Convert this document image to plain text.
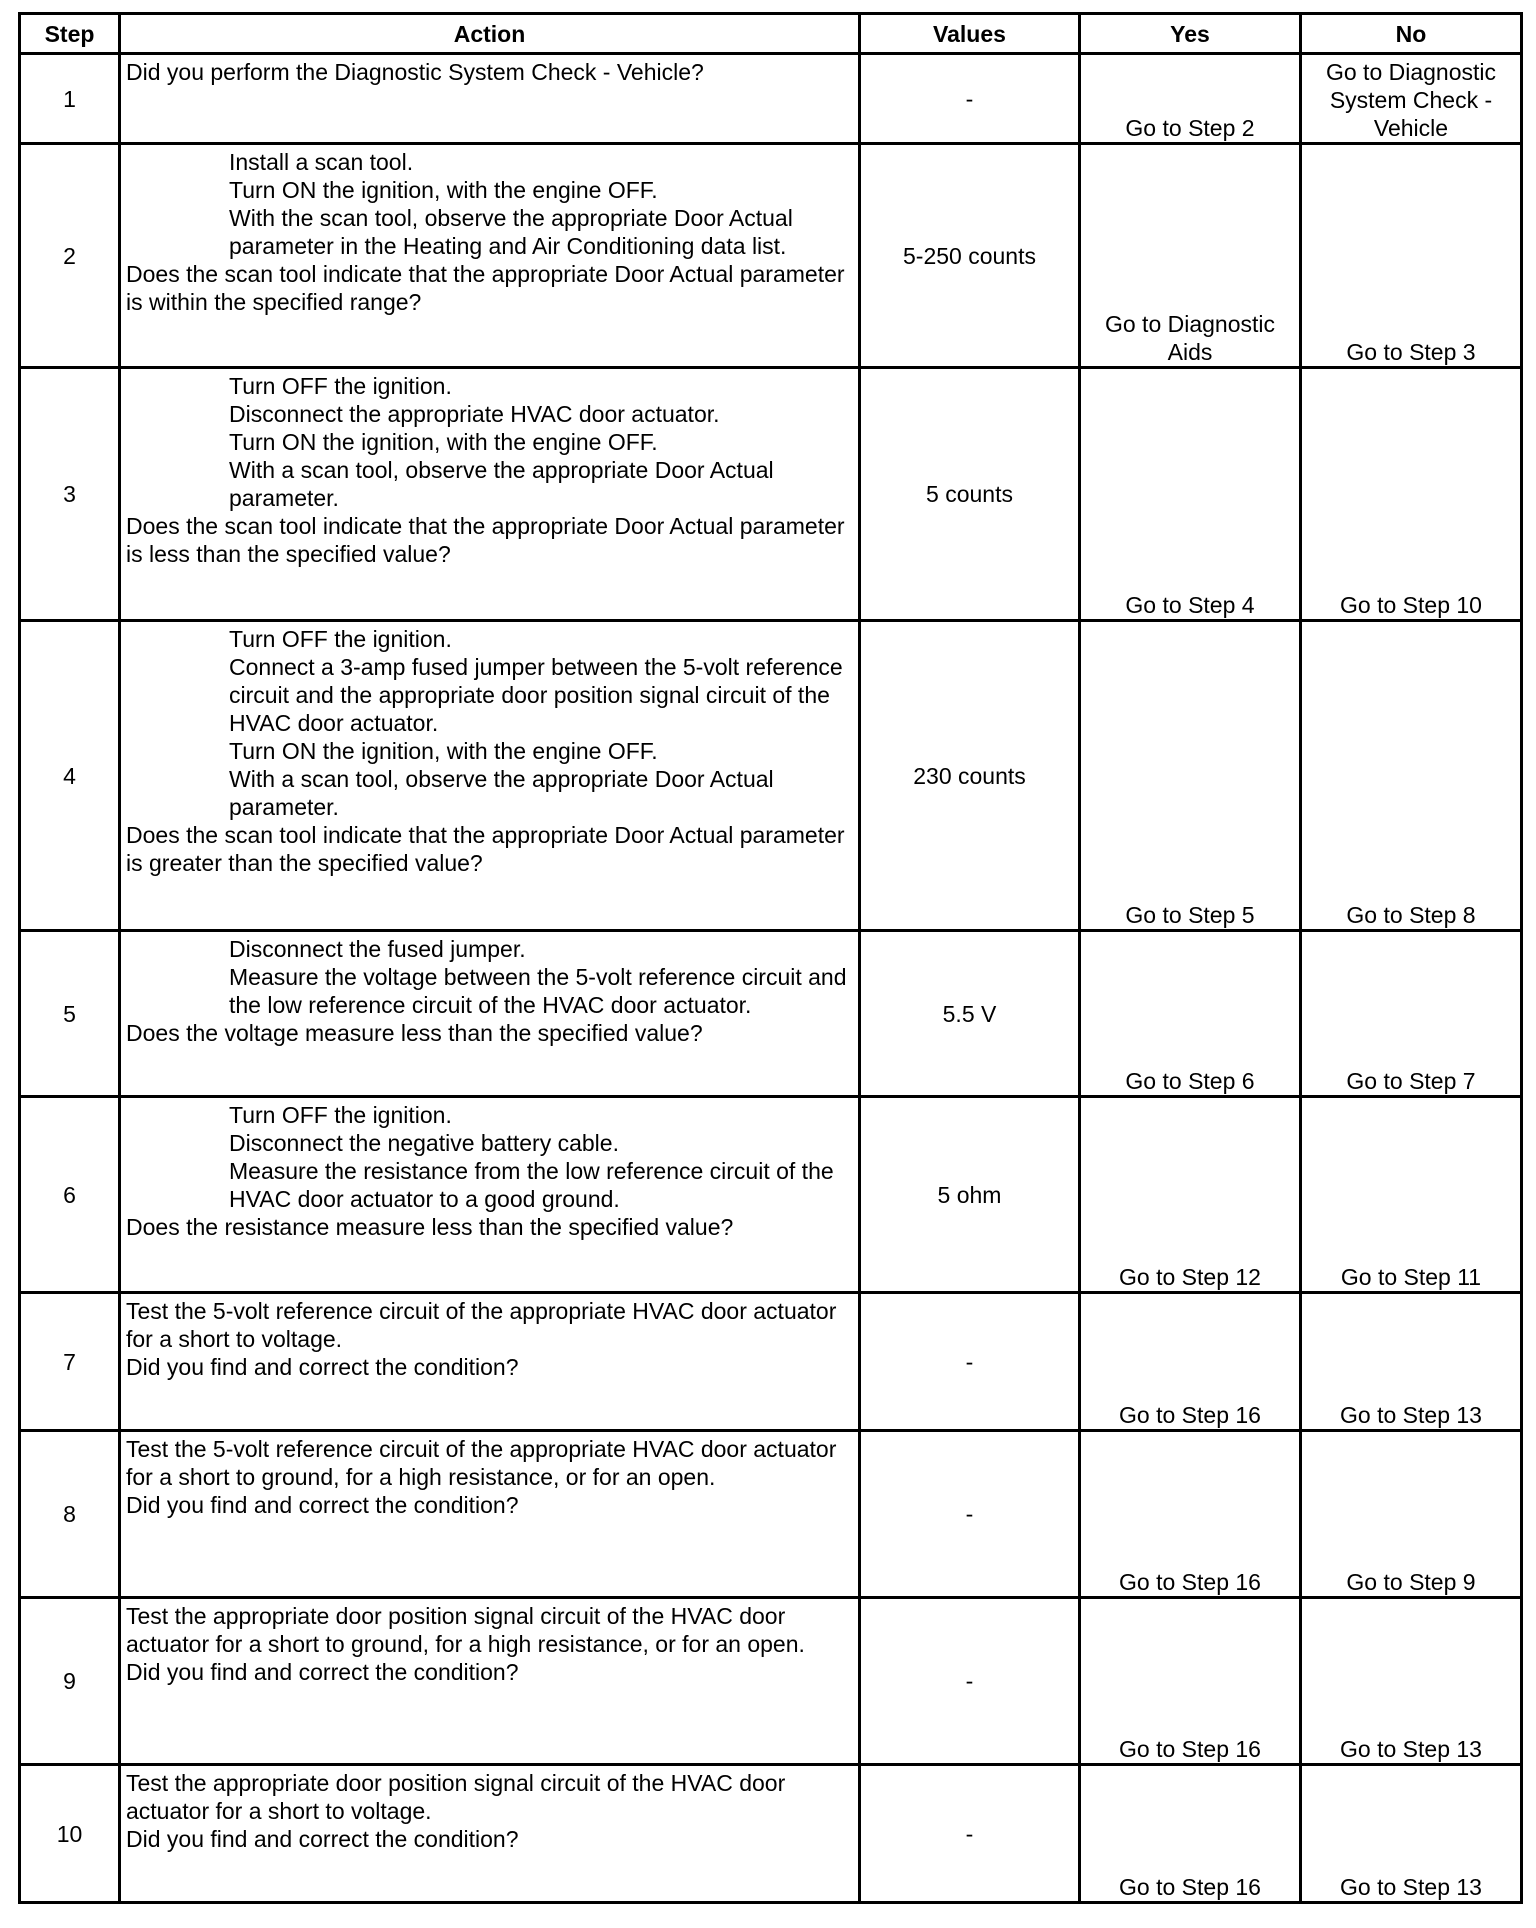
Step	Action	Values	Yes	No
1	Did you perform the Diagnostic System Check - Vehicle?	-	Go to Step 2	Go to Diagnostic
System Check -
Vehicle
2	Install a scan tool.
Turn ON the ignition, with the engine OFF.
With the scan tool, observe the appropriate Door Actual parameter in the Heating and Air Conditioning data list.
Does the scan tool indicate that the appropriate Door Actual parameter is within the specified range?	5-250 counts	Go to Diagnostic
Aids	Go to Step 3
3	Turn OFF the ignition.
Disconnect the appropriate HVAC door actuator.
Turn ON the ignition, with the engine OFF.
With a scan tool, observe the appropriate Door Actual parameter.
Does the scan tool indicate that the appropriate Door Actual parameter is less than the specified value?	5 counts	Go to Step 4	Go to Step 10
4	Turn OFF the ignition.
Connect a 3-amp fused jumper between the 5-volt reference circuit and the appropriate door position signal circuit of the HVAC door actuator.
Turn ON the ignition, with the engine OFF.
With a scan tool, observe the appropriate Door Actual parameter.
Does the scan tool indicate that the appropriate Door Actual parameter is greater than the specified value?	230 counts	Go to Step 5	Go to Step 8
5	Disconnect the fused jumper.
Measure the voltage between the 5-volt reference circuit and the low reference circuit of the HVAC door actuator.
Does the voltage measure less than the specified value?	5.5 V	Go to Step 6	Go to Step 7
6	Turn OFF the ignition.
Disconnect the negative battery cable.
Measure the resistance from the low reference circuit of the HVAC door actuator to a good ground.
Does the resistance measure less than the specified value?	5 ohm	Go to Step 12	Go to Step 11
7	Test the 5-volt reference circuit of the appropriate HVAC door actuator for a short to voltage.
Did you find and correct the condition?	-	Go to Step 16	Go to Step 13
8	Test the 5-volt reference circuit of the appropriate HVAC door actuator for a short to ground, for a high resistance, or for an open.
Did you find and correct the condition?	-	Go to Step 16	Go to Step 9
9	Test the appropriate door position signal circuit of the HVAC door actuator for a short to ground, for a high resistance, or for an open.
Did you find and correct the condition?	-	Go to Step 16	Go to Step 13
10	Test the appropriate door position signal circuit of the HVAC door actuator for a short to voltage.
Did you find and correct the condition?	-	Go to Step 16	Go to Step 13
